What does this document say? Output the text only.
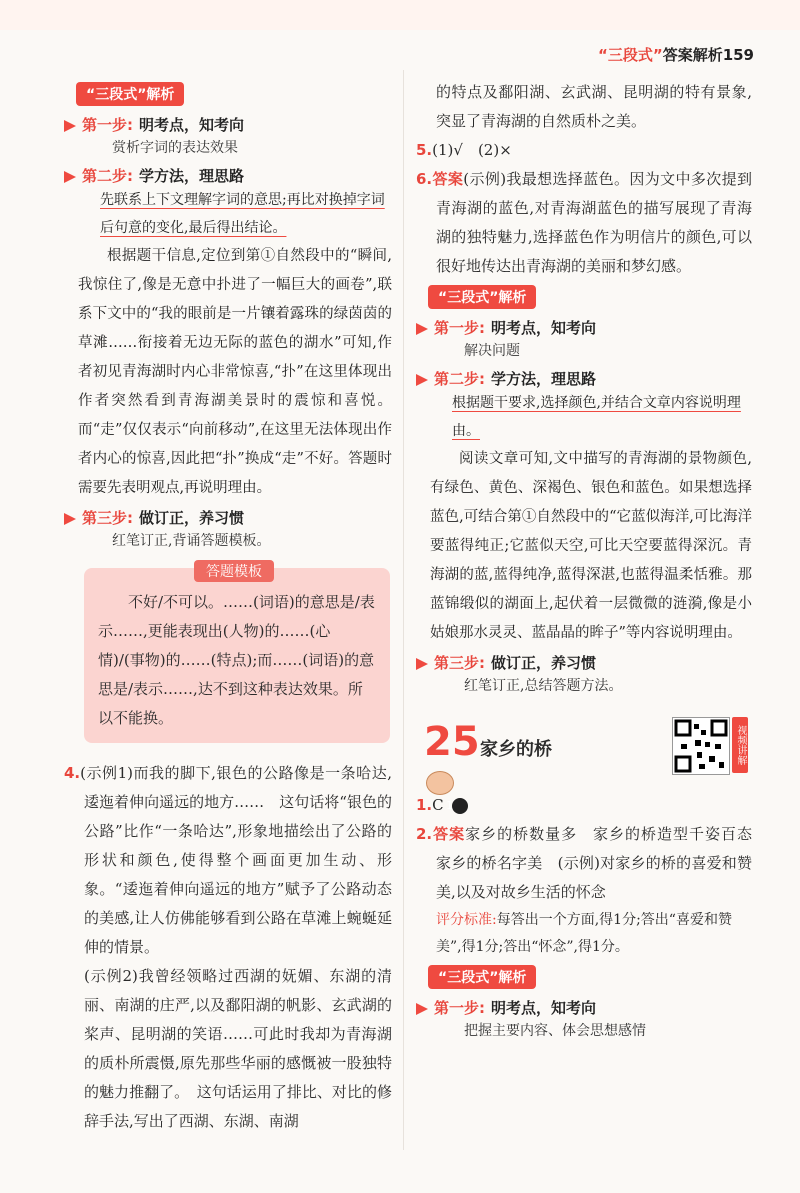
“三段式”答案解析159
“三段式”解析
第一步: 明考点，知考向
赏析字词的表达效果
第二步: 学方法，理思路
先联系上下文理解字词的意思;再比对换掉字词后句意的变化,最后得出结论。
根据题干信息,定位到第①自然段中的“瞬间,我惊住了,像是无意中扑进了一幅巨大的画卷”,联系下文中的“我的眼前是一片镶着露珠的绿茵茵的草滩……衔接着无边无际的蓝色的湖水”可知,作者初见青海湖时内心非常惊喜,“扑”在这里体现出作者突然看到青海湖美景时的震惊和喜悦。而“走”仅仅表示“向前移动”,在这里无法体现出作者内心的惊喜,因此把“扑”换成“走”不好。答题时需要先表明观点,再说明理由。
第三步: 做订正，养习惯
红笔订正,背诵答题模板。
答题模板
不好/不可以。……(词语)的意思是/表示……,更能表现出(人物)的……(心情)/(事物)的……(特点);而……(词语)的意思是/表示……,达不到这种表达效果。所以不能换。
4.(示例1)而我的脚下,银色的公路像是一条哈达,逶迤着伸向遥远的地方……　这句话将“银色的公路”比作“一条哈达”,形象地描绘出了公路的形状和颜色,使得整个画面更加生动、形象。“逶迤着伸向遥远的地方”赋予了公路动态的美感,让人仿佛能够看到公路在草滩上蜿蜒延伸的情景。
(示例2)我曾经领略过西湖的妩媚、东湖的清丽、南湖的庄严,以及鄱阳湖的帆影、玄武湖的桨声、昆明湖的笑语……可此时我却为青海湖的质朴所震慑,原先那些华丽的感慨被一股独特的魅力推翻了。　这句话运用了排比、对比的修辞手法,写出了西湖、东湖、南湖
的特点及鄱阳湖、玄武湖、昆明湖的特有景象,突显了青海湖的自然质朴之美。
5.(1)√　(2)×
6.答案(示例)我最想选择蓝色。因为文中多次提到青海湖的蓝色,对青海湖蓝色的描写展现了青海湖的独特魅力,选择蓝色作为明信片的颜色,可以很好地传达出青海湖的美丽和梦幻感。
“三段式”解析
第一步: 明考点，知考向
解决问题
第二步: 学方法，理思路
根据题干要求,选择颜色,并结合文章内容说明理由。
阅读文章可知,文中描写的青海湖的景物颜色,有绿色、黄色、深褐色、银色和蓝色。如果想选择蓝色,可结合第①自然段中的“它蓝似海洋,可比海洋要蓝得纯正;它蓝似天空,可比天空要蓝得深沉。青海湖的蓝,蓝得纯净,蓝得深湛,也蓝得温柔恬雅。那蓝锦缎似的湖面上,起伏着一层微微的涟漪,像是小姑娘那水灵灵、蓝晶晶的眸子”等内容说明理由。
第三步: 做订正，养习惯
红笔订正,总结答题方法。
25 家乡的桥	视频讲解
1.C 1
2.答案家乡的桥数量多　家乡的桥造型千姿百态　家乡的桥名字美　(示例)对家乡的桥的喜爱和赞美,以及对故乡生活的怀念
评分标准:每答出一个方面,得1分;答出“喜爱和赞美”,得1分;答出“怀念”,得1分。
“三段式”解析
第一步: 明考点，知考向
把握主要内容、体会思想感情
